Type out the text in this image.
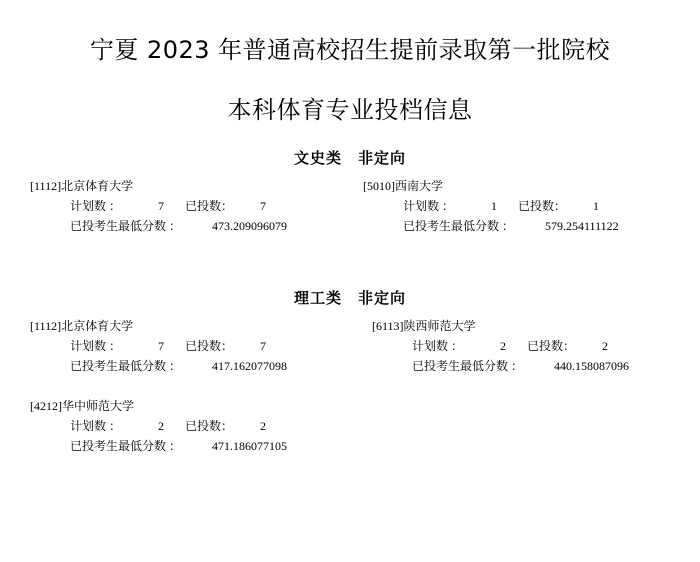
宁夏 2023 年普通高校招生提前录取第一批院校
本科体育专业投档信息
文史类　非定向
[1112]北京体育大学
计划数 ：	7 已投数： 7
已投考生最低分数 ：	473.209096079
[5010]西南大学
计划数 ：	1 已投数： 1
已投考生最低分数 ：	579.254111122
理工类　非定向
[1112]北京体育大学
计划数 ：	7 已投数： 7
已投考生最低分数 ：	417.162077098
[6113]陕西师范大学
计划数 ：	2 已投数： 2
已投考生最低分数 ：	440.158087096
[4212]华中师范大学
计划数 ：	2 已投数： 2
已投考生最低分数 ：	471.186077105
